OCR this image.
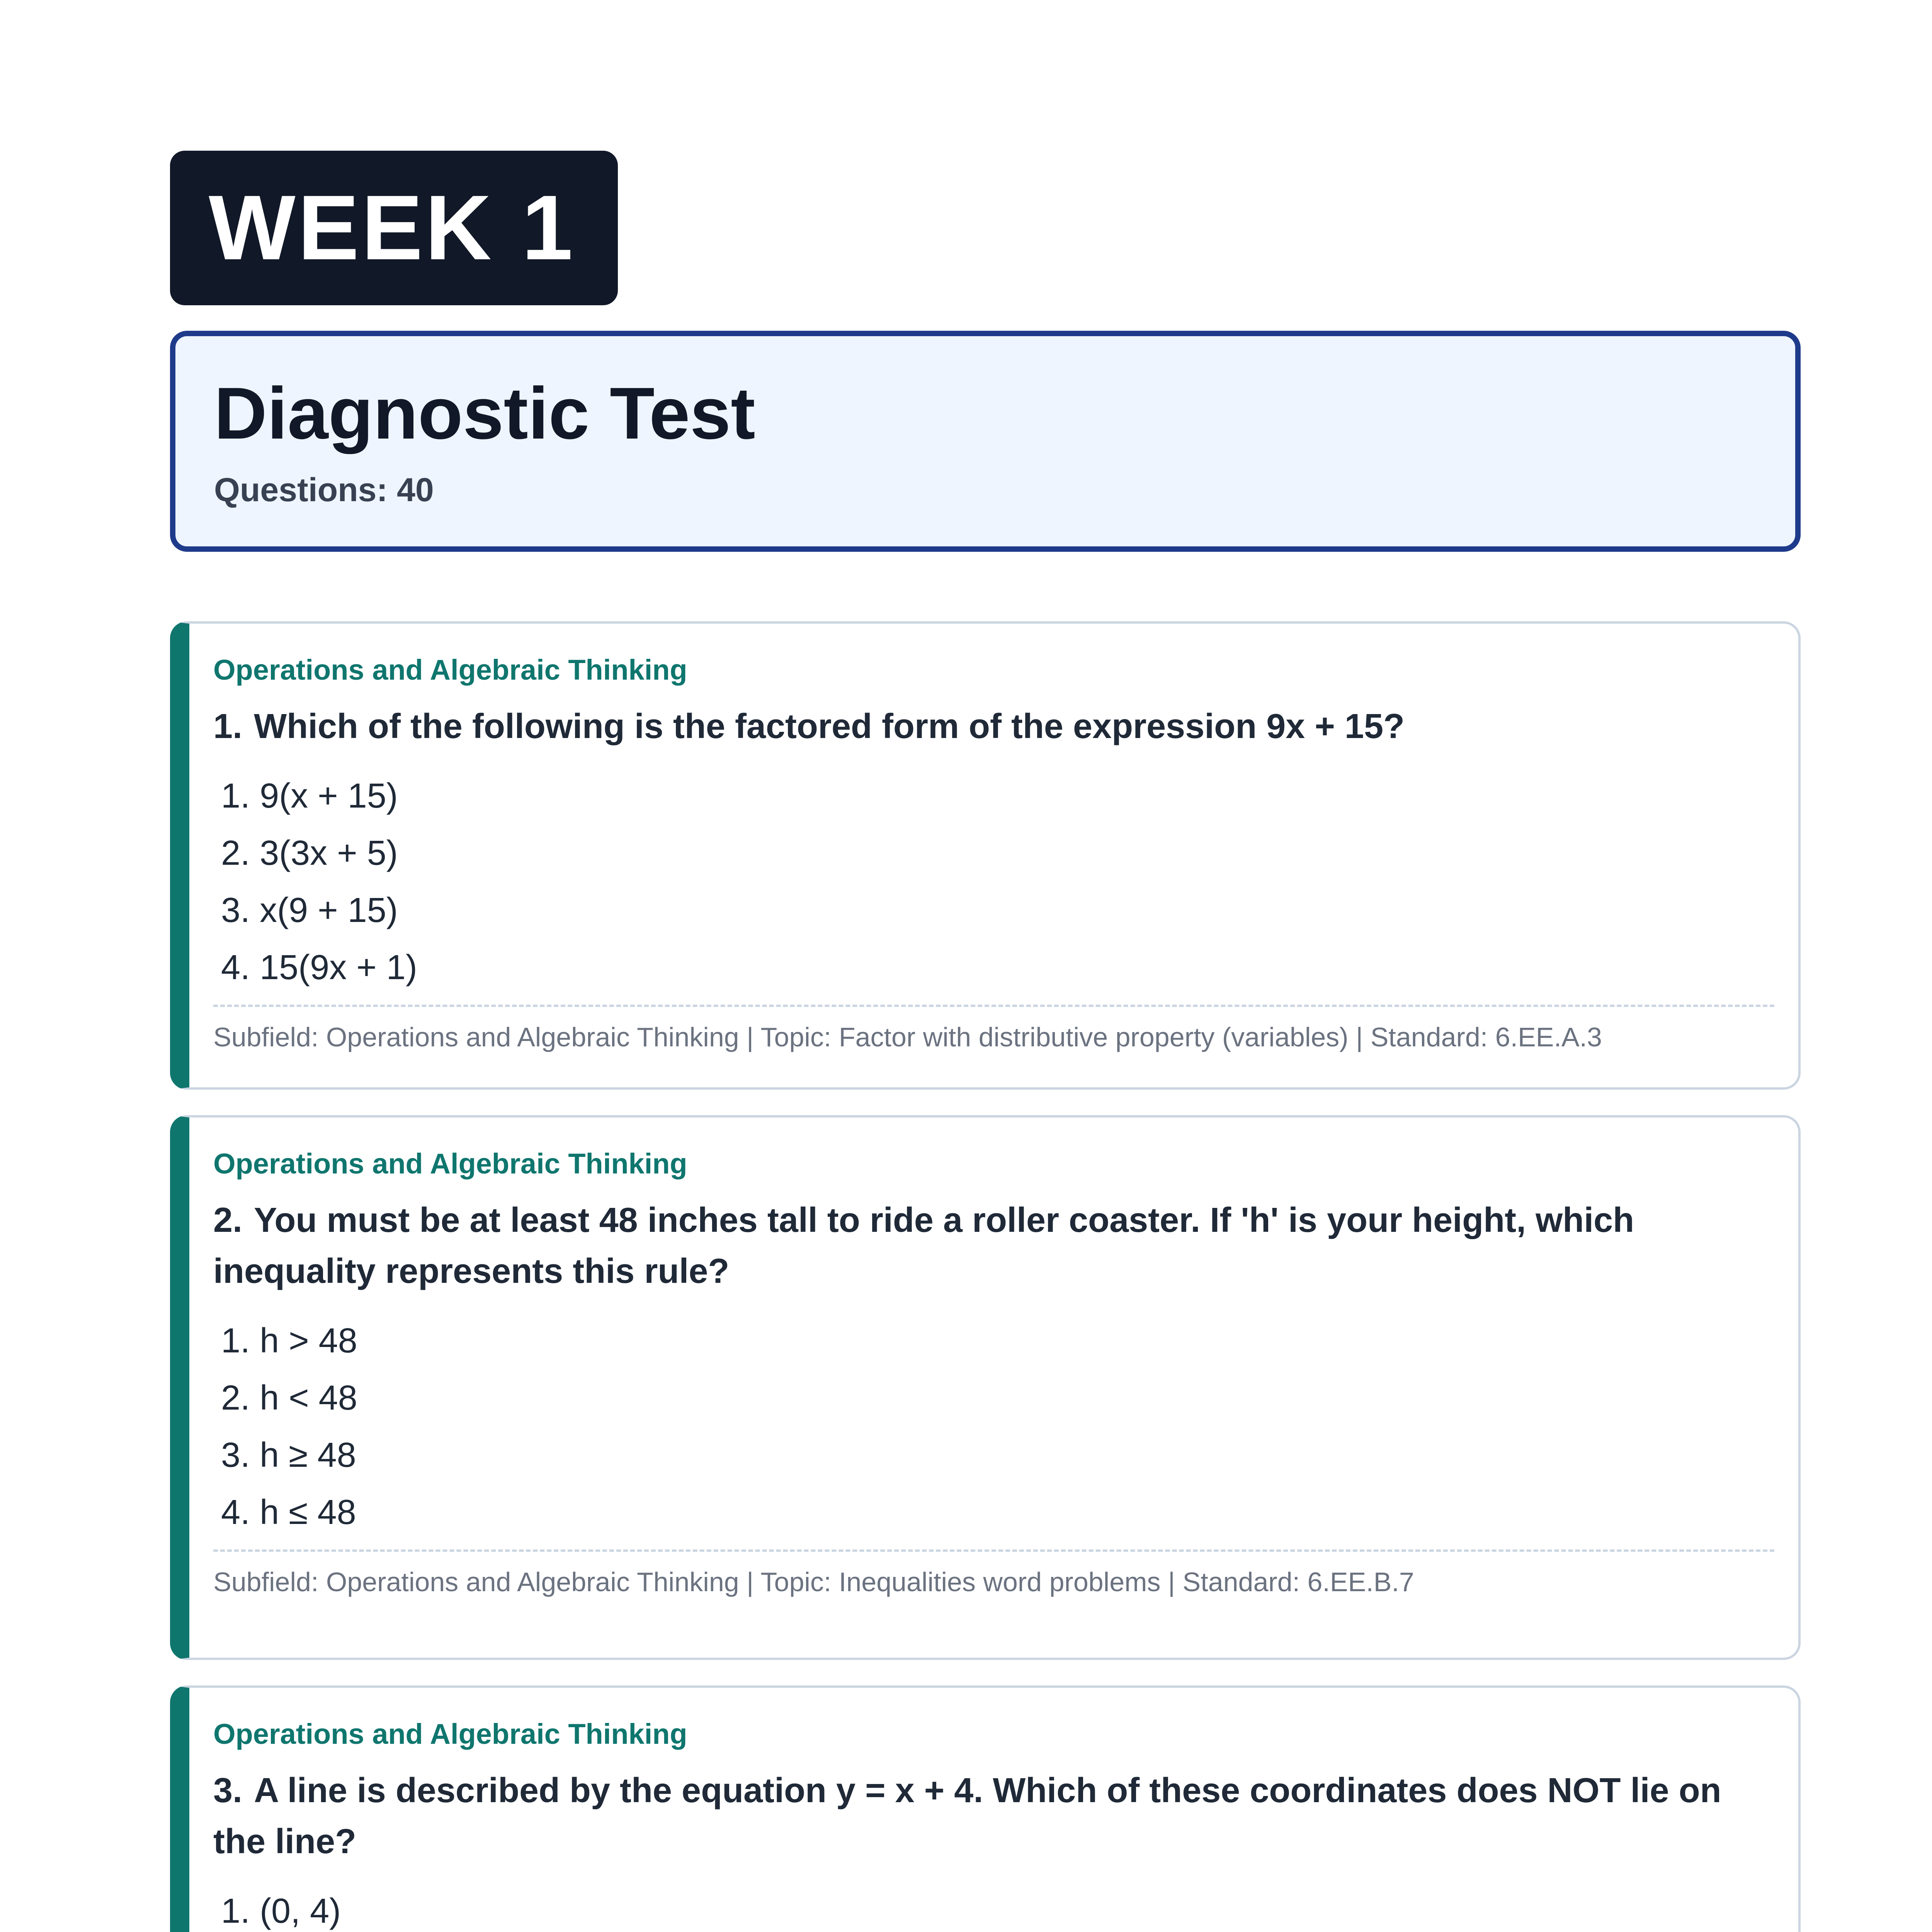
WEEK 1
Diagnostic Test
Questions: 40
Operations and Algebraic Thinking
1. Which of the following is the factored form of the expression 9x + 15?
1. 9(x + 15)
2. 3(3x + 5)
3. x(9 + 15)
4. 15(9x + 1)
Subfield: Operations and Algebraic Thinking | Topic: Factor with distributive property (variables) | Standard: 6.EE.A.3
Operations and Algebraic Thinking
2. You must be at least 48 inches tall to ride a roller coaster. If 'h' is your height, which inequality represents this rule?
1. h > 48
2. h < 48
3. h ≥ 48
4. h ≤ 48
Subfield: Operations and Algebraic Thinking | Topic: Inequalities word problems | Standard: 6.EE.B.7
Operations and Algebraic Thinking
3. A line is described by the equation y = x + 4. Which of these coordinates does NOT lie on the line?
1. (0, 4)
